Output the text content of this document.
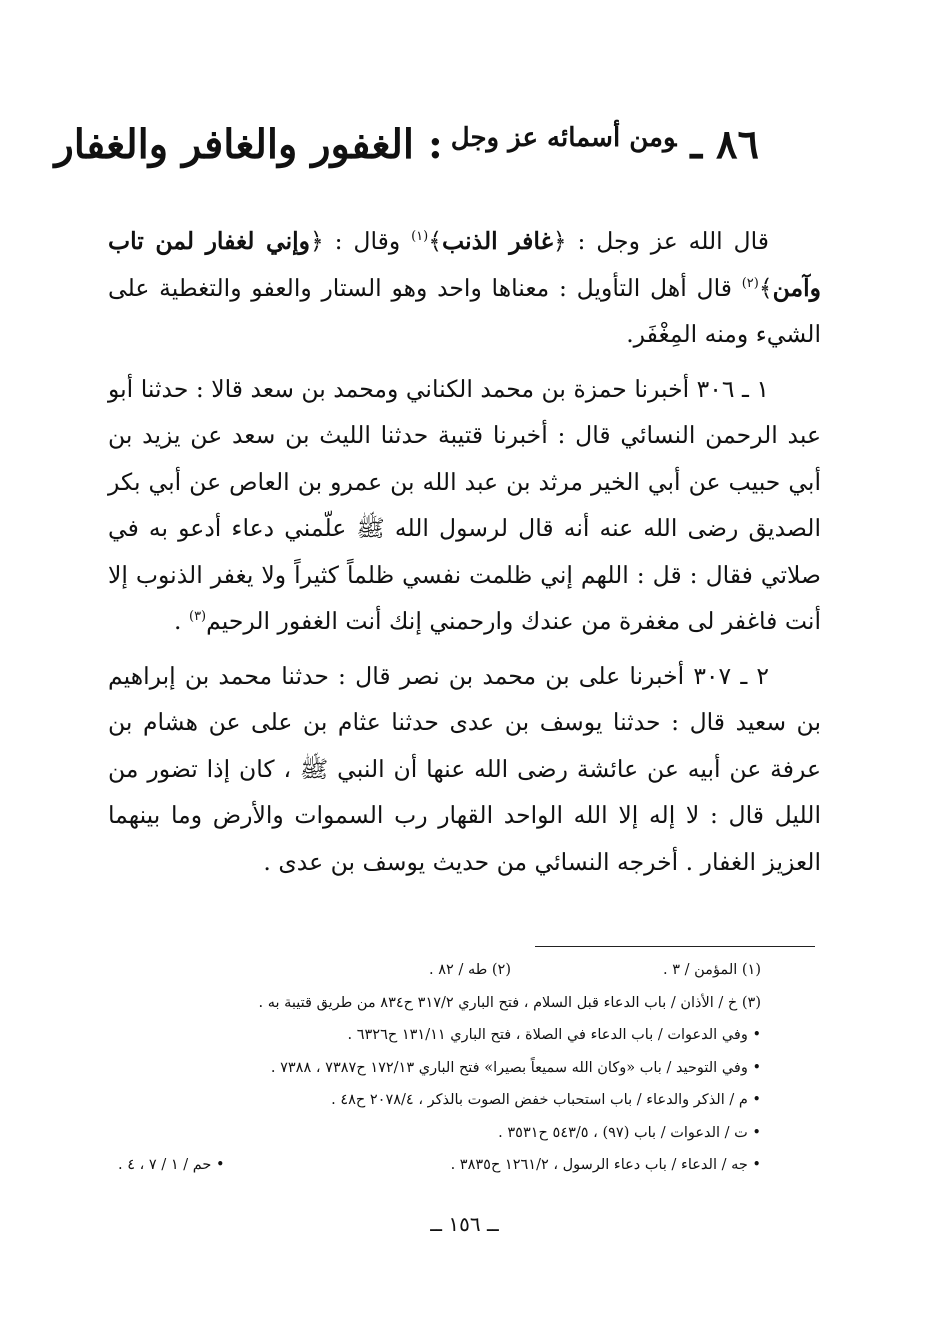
٨٦ ـ$^{ومن أسمائه عز وجل}$: الغفور والغافر والغفار

قال الله عز وجل : ﴿غافر الذنب﴾$^{(١)}$ وقال : ﴿وإني لغفار لمن تاب وآمن﴾$^{(٢)}$ قال أهل التأويل : معناها واحد وهو الستار والعفو والتغطية على الشيء ومنه المِغْفَر.

١ ـ ٣٠٦ أخبرنا حمزة بن محمد الكناني ومحمد بن سعد قالا : حدثنا أبو عبد الرحمن النسائي قال : أخبرنا قتيبة حدثنا الليث بن سعد عن يزيد بن أبي حبيب عن أبي الخير مرثد بن عبد الله بن عمرو بن العاص عن أبي بكر الصديق رضى الله عنه أنه قال لرسول الله ﷺ علّمني دعاء أدعو به في صلاتي فقال : قل : اللهم إني ظلمت نفسي ظلماً كثيراً ولا يغفر الذنوب إلا أنت فاغفر لى مغفرة من عندك وارحمني إنك أنت الغفور الرحيم$^{(٣)}$ .

٢ ـ ٣٠٧ أخبرنا على بن محمد بن نصر قال : حدثنا محمد بن إبراهيم بن سعيد قال : حدثنا يوسف بن عدى حدثنا عثام بن على عن هشام بن عرفة عن أبيه عن عائشة رضى الله عنها أن النبي ﷺ ، كان إذا تضور من الليل قال : لا إله إلا الله الواحد القهار رب السموات والأرض وما بينهما العزيز الغفار . أخرجه النسائي من حديث يوسف بن عدى .

(١) المؤمن / ٣ .
(٢) طه / ٨٢ .
(٣) خ / الأذان / باب الدعاء قبل السلام ، فتح الباري ٣١٧/٢ ح٨٣٤ من طريق قتيبة به .
• وفي الدعوات / باب الدعاء في الصلاة ، فتح الباري ١٣١/١١ ح٦٣٢٦ .
• وفي التوحيد / باب «وكان الله سميعاً بصيرا» فتح الباري ١٧٢/١٣ ح٧٣٨٧ ، ٧٣٨٨ .
• م / الذكر والدعاء / باب استحباب خفض الصوت بالذكر ، ٢٠٧٨/٤ ح٤٨ .
• ت / الدعوات / باب (٩٧) ، ٥٤٣/٥ ح٣٥٣١ .
• جه / الدعاء / باب دعاء الرسول ، ١٢٦١/٢ ح٣٨٣٥ .
• حم / ١ / ٧ ، ٤ .
ــ ١٥٦ ــ
